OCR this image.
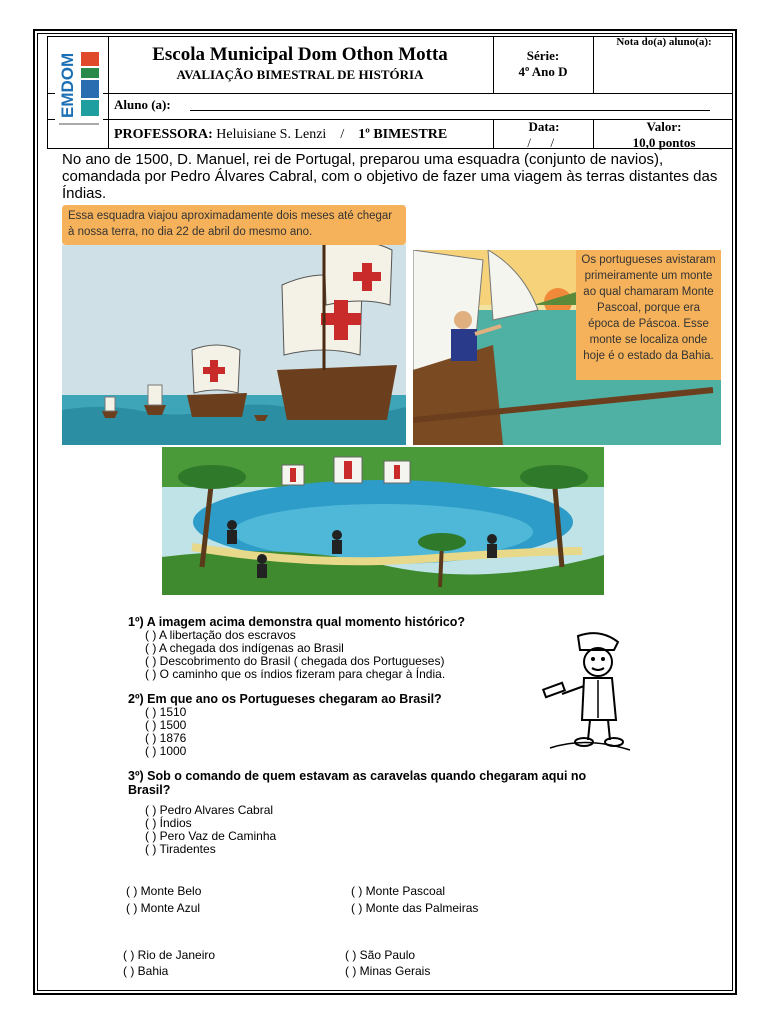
EMDOM	Escola Municipal Dom Othon Motta
AVALIAÇÃO BIMESTRAL DE HISTÓRIA
Série:
4º Ano D
Nota do(a) aluno(a):
Aluno (a):
PROFESSORA: Heluisiane S. Lenzi / 1º BIMESTRE
Data:
____/___/_____
Valor:
10,0 pontos
No ano de 1500, D. Manuel, rei de Portugal, preparou uma esquadra (conjunto de navios), comandada por Pedro Álvares Cabral, com o objetivo de fazer uma viagem às terras distantes das Índias.
Essa esquadra viajou aproximadamente dois meses até chegar à nossa terra, no dia 22 de abril do mesmo ano.
Os portugueses avistaram primeiramente um monte ao qual chamaram Monte Pascoal, porque era época de Páscoa. Esse monte se localiza onde hoje é o estado da Bahia.
1º) A imagem acima demonstra qual momento histórico?
( ) A libertação dos escravos
( ) A chegada dos indígenas ao Brasil
( ) Descobrimento do Brasil ( chegada dos Portugueses)
( ) O caminho que os índios fizeram para chegar à Índia.
2º) Em que ano os Portugueses chegaram ao Brasil?
( ) 1510
( ) 1500
( ) 1876
( ) 1000
3º) Sob o comando de quem estavam as caravelas quando chegaram aqui no Brasil?
( ) Pedro Alvares Cabral
( ) Índios
( ) Pero Vaz de Caminha
( ) Tiradentes
( ) Monte Belo	( ) Monte Pascoal
( ) Monte Azul	( ) Monte das Palmeiras
( ) Rio de Janeiro	( ) São Paulo
( ) Bahia	( ) Minas Gerais
